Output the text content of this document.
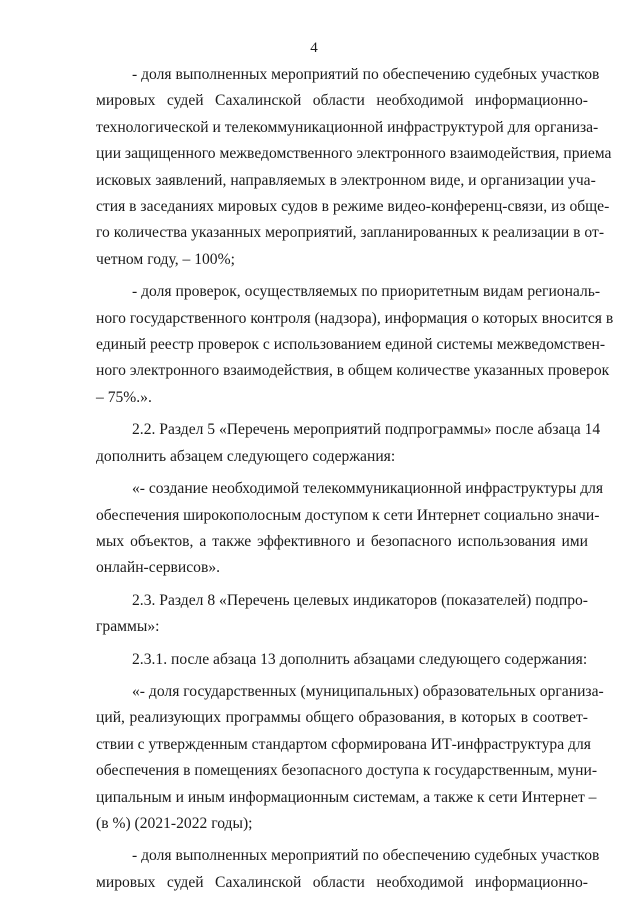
4

- доля выполненных мероприятий по обеспечению судебных участков
мировых судей Сахалинской области необходимой информационно-
технологической и телекоммуникационной инфраструктурой для организа-
ции защищенного межведомственного электронного взаимодействия, приема
исковых заявлений, направляемых в электронном виде, и организации уча-
стия в заседаниях мировых судов в режиме видео-конференц-связи, из обще-
го количества указанных мероприятий, запланированных к реализации в от-
четном году, – 100%;

- доля проверок, осуществляемых по приоритетным видам региональ-
ного государственного контроля (надзора), информация о которых вносится в
единый реестр проверок с использованием единой системы межведомствен-
ного электронного взаимодействия, в общем количестве указанных проверок
– 75%.».

2.2. Раздел 5 «Перечень мероприятий подпрограммы» после абзаца 14
дополнить абзацем следующего содержания:

«- создание необходимой телекоммуникационной инфраструктуры для
обеспечения широкополосным доступом к сети Интернет социально значи-
мых объектов, а также эффективного и безопасного использования ими
онлайн-сервисов».

2.3. Раздел 8 «Перечень целевых индикаторов (показателей) подпро-
граммы»:

2.3.1. после абзаца 13 дополнить абзацами следующего содержания:

«- доля государственных (муниципальных) образовательных организа-
ций, реализующих программы общего образования, в которых в соответ-
ствии с утвержденным стандартом сформирована ИТ-инфраструктура для
обеспечения в помещениях безопасного доступа к государственным, муни-
ципальным и иным информационным системам, а также к сети Интернет –
(в %) (2021-2022 годы);

- доля выполненных мероприятий по обеспечению судебных участков
мировых судей Сахалинской области необходимой информационно-
